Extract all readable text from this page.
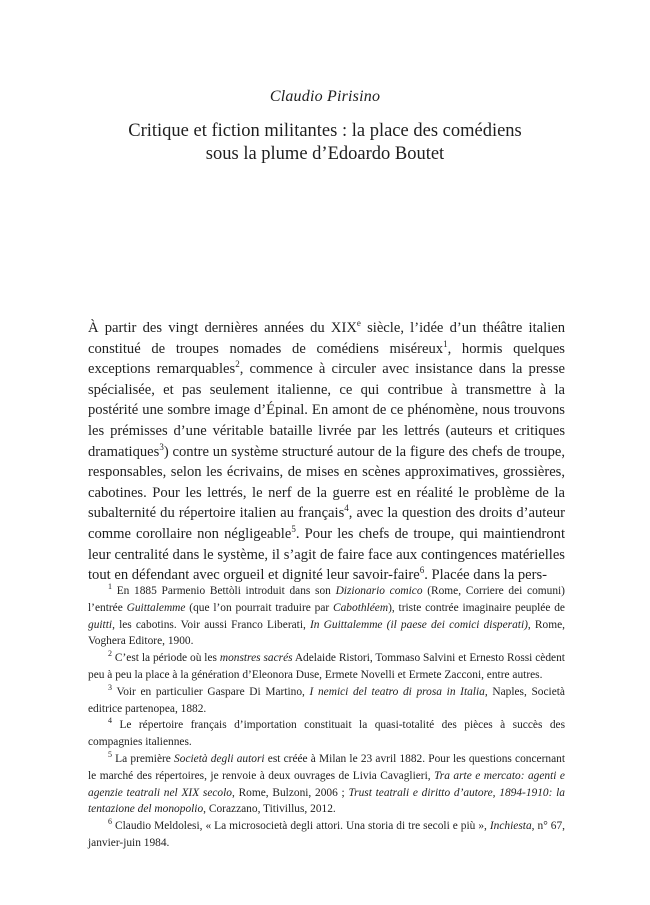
Claudio Pirisino
Critique et fiction militantes : la place des comédiens
sous la plume d’Edoardo Boutet

À partir des vingt dernières années du XIXe siècle, l’idée d’un théâtre italien constitué de troupes nomades de comédiens miséreux$^1$, hormis quelques exceptions remarquables$^2$, commence à circuler avec insistance dans la presse spécialisée, et pas seulement italienne, ce qui contribue à transmettre à la postérité une sombre image d’Épinal. En amont de ce phénomène, nous trouvons les prémisses d’une véritable bataille livrée par les lettrés (auteurs et critiques dramatiques$^3$) contre un système structuré autour de la figure des chefs de troupe, responsables, selon les écrivains, de mises en scènes approximatives, grossières, cabotines. Pour les lettrés, le nerf de la guerre est en réalité le problème de la subalternité du répertoire italien au français$^4$, avec la question des droits d’auteur comme corollaire non négligeable$^5$. Pour les chefs de troupe, qui maintiendront leur centralité dans le système, il s’agit de faire face aux contingences matérielles tout en défendant avec orgueil et dignité leur savoir-faire$^6$. Placée dans la pers-

$^1$ En 1885 Parmenio Bettòli introduit dans son Dizionario comico (Rome, Corriere dei comuni) l’entrée Guittalemme (que l’on pourrait traduire par Cabothléem), triste contrée imaginaire peuplée de guitti, les cabotins. Voir aussi Franco Liberati, In Guittalemme (il paese dei comici disperati), Rome, Voghera Editore, 1900.

$^2$ C’est la période où les monstres sacrés Adelaide Ristori, Tommaso Salvini et Ernesto Rossi cèdent peu à peu la place à la génération d’Eleonora Duse, Ermete Novelli et Ermete Zacconi, entre autres.

$^3$ Voir en particulier Gaspare Di Martino, I nemici del teatro di prosa in Italia, Naples, Società editrice partenopea, 1882.

$^4$ Le répertoire français d’importation constituait la quasi-totalité des pièces à succès des compagnies italiennes.

$^5$ La première Società degli autori est créée à Milan le 23 avril 1882. Pour les questions concernant le marché des répertoires, je renvoie à deux ouvrages de Livia Cavaglieri, Tra arte e mercato: agenti e agenzie teatrali nel XIX secolo, Rome, Bulzoni, 2006 ; Trust teatrali e diritto d’autore, 1894-1910: la tentazione del monopolio, Corazzano, Titivillus, 2012.

$^6$ Claudio Meldolesi, « La microsocietà degli attori. Una storia di tre secoli e più », Inchiesta, n° 67, janvier-juin 1984.
